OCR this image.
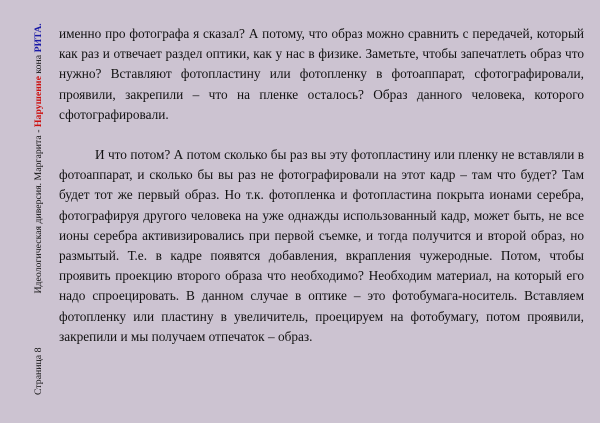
Страница 8Идеологическая диверсия. Маргарита - Нарушение кона РИТА. именно про фотографа я сказал? А потому, что образ можно сравнить с передачей, который как раз и отвечает раздел оптики, как у нас в физике. Заметьте, чтобы запечатлеть образ что нужно? Вставляют фотопластину или фотопленку в фотоаппарат, сфотографировали, проявили, закрепили – что на пленке осталось? Образ данного человека, которого сфотографировали.

И что потом? А потом сколько бы раз вы эту фотопластину или пленку не вставляли в фотоаппарат, и сколько бы вы раз не фотографировали на этот кадр – там что будет? Там будет тот же первый образ. Но т.к. фотопленка и фотопластина покрыта ионами серебра, фотографируя другого человека на уже однажды использованный кадр, может быть, не все ионы серебра активизировались при первой съемке, и тогда получится и второй образ, но размытый. Т.е. в кадре появятся добавления, вкрапления чужеродные. Потом, чтобы проявить проекцию второго образа что необходимо? Необходим материал, на который его надо спроецировать. В данном случае в оптике – это фотобумага-носитель. Вставляем фотопленку или пластину в увеличитель, проецируем на фотобумагу, потом проявили, закрепили и мы получаем отпечаток – образ.
